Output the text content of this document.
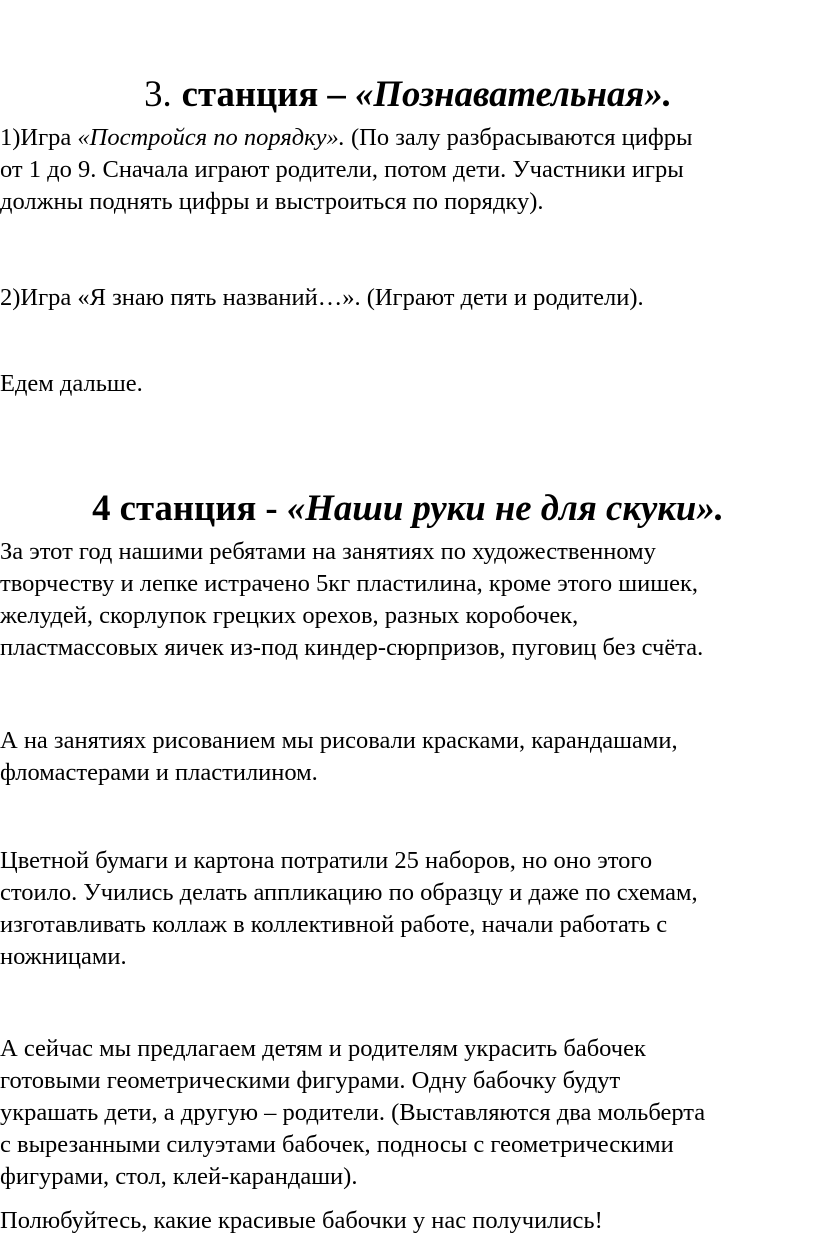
3. станция – «Познавательная».
1)Игра «Постройся по порядку». (По залу разбрасываются цифры
от 1 до 9. Сначала играют родители, потом дети. Участники игры
должны поднять цифры и выстроиться по порядку).
2)Игра «Я знаю пять названий…». (Играют дети и родители).
Едем дальше.
4 станция - «Наши руки не для скуки».
За этот год нашими ребятами на занятиях по художественному
творчеству и лепке истрачено 5кг пластилина, кроме этого шишек,
желудей, скорлупок грецких орехов, разных коробочек,
пластмассовых яичек из-под киндер-сюрпризов, пуговиц без счёта.
А на занятиях рисованием мы рисовали красками, карандашами,
фломастерами и пластилином.
Цветной бумаги и картона потратили 25 наборов, но оно этого
стоило. Учились делать аппликацию по образцу и даже по схемам,
изготавливать коллаж в коллективной работе, начали работать с
ножницами.
А сейчас мы предлагаем детям и родителям украсить бабочек
готовыми геометрическими фигурами. Одну бабочку будут
украшать дети, а другую – родители. (Выставляются два мольберта
с вырезанными силуэтами бабочек, подносы с геометрическими
фигурами, стол, клей-карандаши).
Полюбуйтесь, какие красивые бабочки у нас получились!
